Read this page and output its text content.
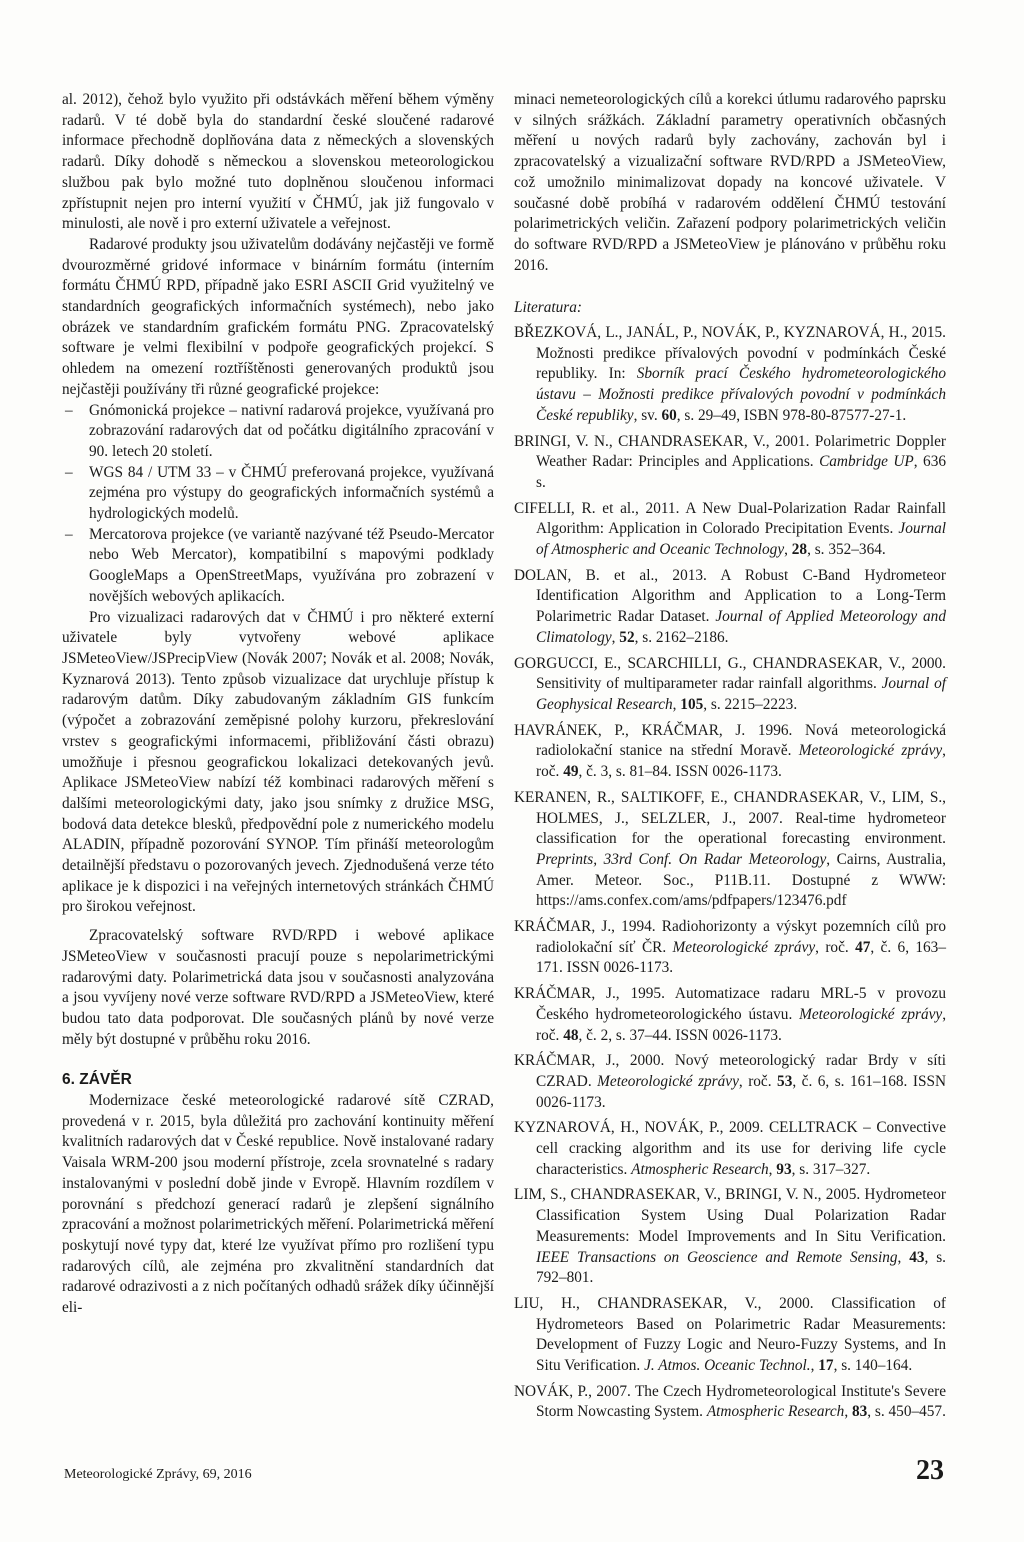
al. 2012), čehož bylo využito při odstávkách měření během výměny radarů. V té době byla do standardní české sloučené radarové informace přechodně doplňována data z německých a slovenských radarů. Díky dohodě s německou a slovenskou meteorologickou službou pak bylo možné tuto doplněnou sloučenou informaci zpřístupnit nejen pro interní využití v ČHMÚ, jak již fungovalo v minulosti, ale nově i pro externí uživatele a veřejnost.

Radarové produkty jsou uživatelům dodávány nejčastěji ve formě dvourozměrné gridové informace v binárním formátu (interním formátu ČHMÚ RPD, případně jako ESRI ASCII Grid využitelný ve standardních geografických informačních systémech), nebo jako obrázek ve standardním grafickém formátu PNG. Zpracovatelský software je velmi flexibilní v podpoře geografických projekcí. S ohledem na omezení roztříštěnosti generovaných produktů jsou nejčastěji používány tři různé geografické projekce:

– Gnómonická projekce – nativní radarová projekce, využívaná pro zobrazování radarových dat od počátku digitálního zpracování v 90. letech 20 století.
– WGS 84 / UTM 33 – v ČHMÚ preferovaná projekce, využívaná zejména pro výstupy do geografických informačních systémů a hydrologických modelů.
– Mercatorova projekce (ve variantě nazývané též Pseudo-Mercator nebo Web Mercator), kompatibilní s mapovými podklady GoogleMaps a OpenStreetMaps, využívána pro zobrazení v novějších webových aplikacích.

Pro vizualizaci radarových dat v ČHMÚ i pro některé externí uživatele byly vytvořeny webové aplikace JSMeteoView/JSPrecipView (Novák 2007; Novák et al. 2008; Novák, Kyznarová 2013). Tento způsob vizualizace dat urychluje přístup k radarovým datům. Díky zabudovaným základním GIS funkcím (výpočet a zobrazování zeměpisné polohy kurzoru, překreslování vrstev s geografickými informacemi, přibližování části obrazu) umožňuje i přesnou geografickou lokalizaci detekovaných jevů. Aplikace JSMeteoView nabízí též kombinaci radarových měření s dalšími meteorologickými daty, jako jsou snímky z družice MSG, bodová data detekce blesků, předpovědní pole z numerického modelu ALADIN, případně pozorování SYNOP. Tím přináší meteorologům detailnější představu o pozorovaných jevech. Zjednodušená verze této aplikace je k dispozici i na veřejných internetových stránkách ČHMÚ pro širokou veřejnost.

Zpracovatelský software RVD/RPD i webové aplikace JSMeteoView v současnosti pracují pouze s nepolarimetrickými radarovými daty. Polarimetrická data jsou v současnosti analyzována a jsou vyvíjeny nové verze software RVD/RPD a JSMeteoView, které budou tato data podporovat. Dle současných plánů by nové verze měly být dostupné v průběhu roku 2016.

6. ZÁVĚR

Modernizace české meteorologické radarové sítě CZRAD, provedená v r. 2015, byla důležitá pro zachování kontinuity měření kvalitních radarových dat v České republice. Nově instalované radary Vaisala WRM-200 jsou moderní přístroje, zcela srovnatelné s radary instalovanými v poslední době jinde v Evropě. Hlavním rozdílem v porovnání s předchozí generací radarů je zlepšení signálního zpracování a možnost polarimetrických měření. Polarimetrická měření poskytují nové typy dat, které lze využívat přímo pro rozlišení typu radarových cílů, ale zejména pro zkvalitnění standardních dat radarové odrazivosti a z nich počítaných odhadů srážek díky účinnější eli-

minaci nemeteorologických cílů a korekci útlumu radarového paprsku v silných srážkách. Základní parametry operativních občasných měření u nových radarů byly zachovány, zachován byl i zpracovatelský a vizualizační software RVD/RPD a JSMeteoView, což umožnilo minimalizovat dopady na koncové uživatele. V současné době probíhá v radarovém oddělení ČHMÚ testování polarimetrických veličin. Zařazení podpory polarimetrických veličin do software RVD/RPD a JSMeteoView je plánováno v průběhu roku 2016.

Literatura:

BŘEZKOVÁ, L., JANÁL, P., NOVÁK, P., KYZNAROVÁ, H., 2015. Možnosti predikce přívalových povodní v podmínkách České republiky. In: Sborník prací Českého hydrometeorologického ústavu – Možnosti predikce přívalových povodní v podmínkách České republiky, sv. 60, s. 29–49, ISBN 978-80-87577-27-1.

BRINGI, V. N., CHANDRASEKAR, V., 2001. Polarimetric Doppler Weather Radar: Principles and Applications. Cambridge UP, 636 s.

CIFELLI, R. et al., 2011. A New Dual-Polarization Radar Rainfall Algorithm: Application in Colorado Precipitation Events. Journal of Atmospheric and Oceanic Technology, 28, s. 352–364.

DOLAN, B. et al., 2013. A Robust C-Band Hydrometeor Identification Algorithm and Application to a Long-Term Polarimetric Radar Dataset. Journal of Applied Meteorology and Climatology, 52, s. 2162–2186.

GORGUCCI, E., SCARCHILLI, G., CHANDRASEKAR, V., 2000. Sensitivity of multiparameter radar rainfall algorithms. Journal of Geophysical Research, 105, s. 2215–2223.

HAVRÁNEK, P., KRÁČMAR, J. 1996. Nová meteorologická radiolokační stanice na střední Moravě. Meteorologické zprávy, roč. 49, č. 3, s. 81–84. ISSN 0026-1173.

KERANEN, R., SALTIKOFF, E., CHANDRASEKAR, V., LIM, S., HOLMES, J., SELZLER, J., 2007. Real-time hydrometeor classification for the operational forecasting environment. Preprints, 33rd Conf. On Radar Meteorology, Cairns, Australia, Amer. Meteor. Soc., P11B.11. Dostupné z WWW: https://ams.confex.com/ams/pdfpapers/123476.pdf

KRÁČMAR, J., 1994. Radiohorizonty a výskyt pozemních cílů pro radiolokační síť ČR. Meteorologické zprávy, roč. 47, č. 6, 163–171. ISSN 0026-1173.

KRÁČMAR, J., 1995. Automatizace radaru MRL-5 v provozu Českého hydrometeorologického ústavu. Meteorologické zprávy, roč. 48, č. 2, s. 37–44. ISSN 0026-1173.

KRÁČMAR, J., 2000. Nový meteorologický radar Brdy v síti CZRAD. Meteorologické zprávy, roč. 53, č. 6, s. 161–168. ISSN 0026-1173.

KYZNAROVÁ, H., NOVÁK, P., 2009. CELLTRACK – Convective cell cracking algorithm and its use for deriving life cycle characteristics. Atmospheric Research, 93, s. 317–327.

LIM, S., CHANDRASEKAR, V., BRINGI, V. N., 2005. Hydrometeor Classification System Using Dual Polarization Radar Measurements: Model Improvements and In Situ Verification. IEEE Transactions on Geoscience and Remote Sensing, 43, s. 792–801.

LIU, H., CHANDRASEKAR, V., 2000. Classification of Hydrometeors Based on Polarimetric Radar Measurements: Development of Fuzzy Logic and Neuro-Fuzzy Systems, and In Situ Verification. J. Atmos. Oceanic Technol., 17, s. 140–164.

NOVÁK, P., 2007. The Czech Hydrometeorological Institute's Severe Storm Nowcasting System. Atmospheric Research, 83, s. 450–457.

Meteorologické Zprávy, 69, 2016	23
